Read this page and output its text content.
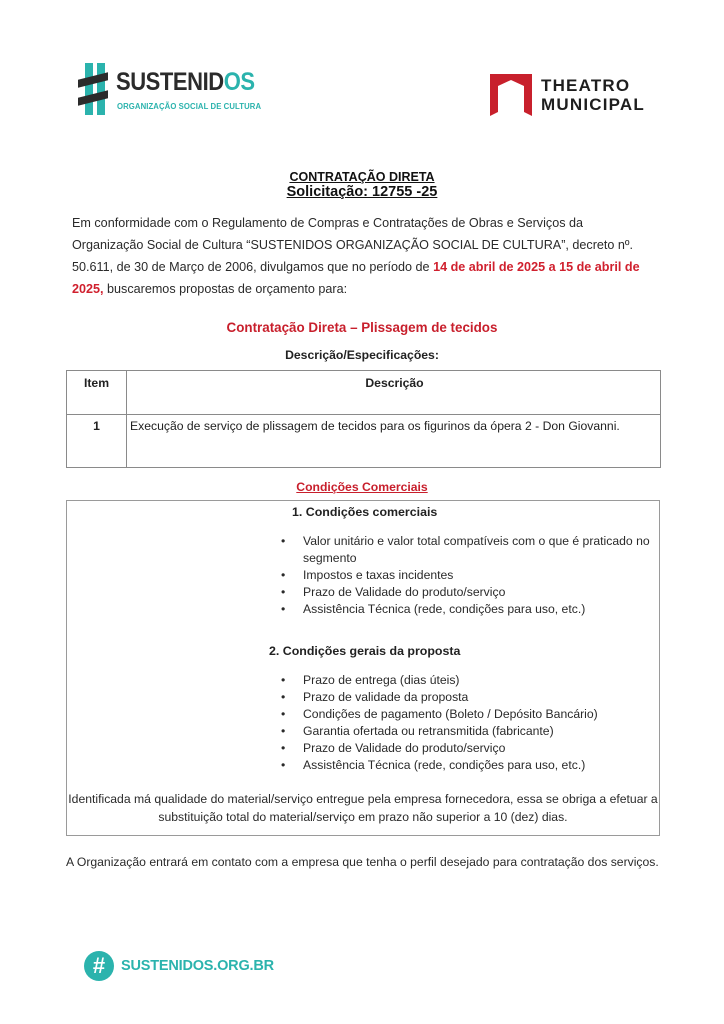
SUSTENIDOS
ORGANIZAÇÃO SOCIAL DE CULTURA
THEATRO
MUNICIPAL
CONTRATAÇÃO DIRETA
Solicitação: 12755 -25
Em conformidade com o Regulamento de Compras e Contratações de Obras e Serviços da Organização Social de Cultura “SUSTENIDOS ORGANIZAÇÃO SOCIAL DE CULTURA”, decreto nº. 50.611, de 30 de Março de 2006, divulgamos que no período de 14 de abril de 2025 a 15 de abril de 2025, buscaremos propostas de orçamento para:
Contratação Direta – Plissagem de tecidos
Descrição/Especificações:
Item	Descrição
1	Execução de serviço de plissagem de tecidos para os figurinos da ópera 2 - Don Giovanni.
Condições Comerciais
1. Condições comerciais
• Valor unitário e valor total compatíveis com o que é praticado no segmento
• Impostos e taxas incidentes
• Prazo de Validade do produto/serviço
• Assistência Técnica (rede, condições para uso, etc.)
2. Condições gerais da proposta
• Prazo de entrega (dias úteis)
• Prazo de validade da proposta
• Condições de pagamento (Boleto / Depósito Bancário)
• Garantia ofertada ou retransmitida (fabricante)
• Prazo de Validade do produto/serviço
• Assistência Técnica (rede, condições para uso, etc.)
Identificada má qualidade do material/serviço entregue pela empresa fornecedora, essa se obriga a efetuar a substituição total do material/serviço em prazo não superior a 10 (dez) dias.
A Organização entrará em contato com a empresa que tenha o perfil desejado para contratação dos serviços.
#	SUSTENIDOS.ORG.BR
